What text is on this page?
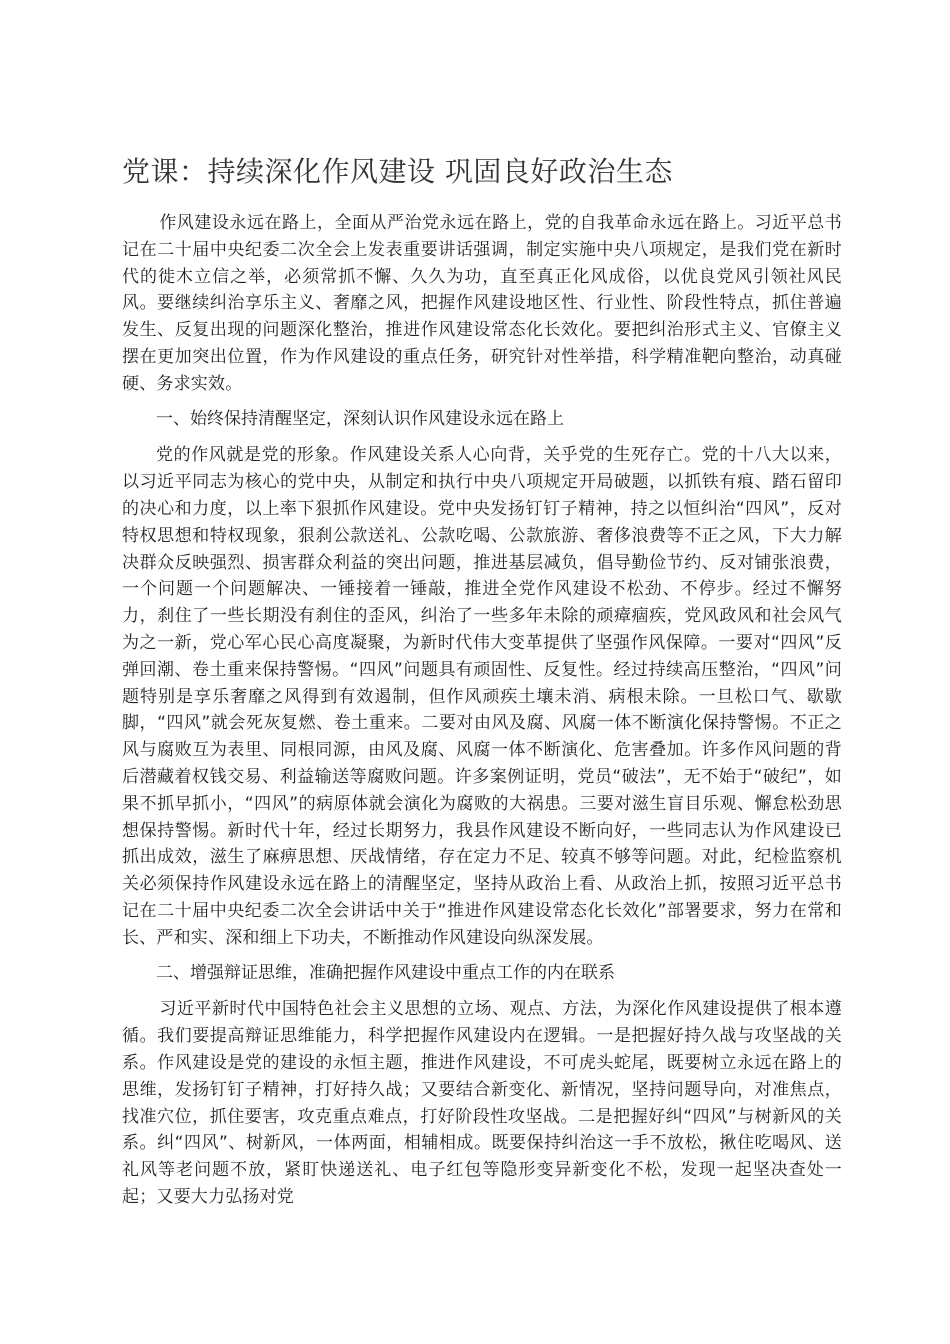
党课：持续深化作风建设 巩固良好政治生态

作风建设永远在路上，全面从严治党永远在路上，党的自我革命永远在路上。习近平总书记在二十届中央纪委二次全会上发表重要讲话强调，制定实施中央八项规定，是我们党在新时代的徙木立信之举，必须常抓不懈、久久为功，直至真正化风成俗，以优良党风引领社风民风。要继续纠治享乐主义、奢靡之风，把握作风建设地区性、行业性、阶段性特点，抓住普遍发生、反复出现的问题深化整治，推进作风建设常态化长效化。要把纠治形式主义、官僚主义摆在更加突出位置，作为作风建设的重点任务，研究针对性举措，科学精准靶向整治，动真碰硬、务求实效。

一、始终保持清醒坚定，深刻认识作风建设永远在路上

党的作风就是党的形象。作风建设关系人心向背，关乎党的生死存亡。党的十八大以来，以习近平同志为核心的党中央，从制定和执行中央八项规定开局破题，以抓铁有痕、踏石留印的决心和力度，以上率下狠抓作风建设。党中央发扬钉钉子精神，持之以恒纠治“四风”，反对特权思想和特权现象，狠刹公款送礼、公款吃喝、公款旅游、奢侈浪费等不正之风，下大力解决群众反映强烈、损害群众利益的突出问题，推进基层减负，倡导勤俭节约、反对铺张浪费，一个问题一个问题解决、一锤接着一锤敲，推进全党作风建设不松劲、不停步。经过不懈努力，刹住了一些长期没有刹住的歪风，纠治了一些多年未除的顽瘴痼疾，党风政风和社会风气为之一新，党心军心民心高度凝聚，为新时代伟大变革提供了坚强作风保障。一要对“四风”反弹回潮、卷土重来保持警惕。“四风”问题具有顽固性、反复性。经过持续高压整治，“四风”问题特别是享乐奢靡之风得到有效遏制，但作风顽疾土壤未消、病根未除。一旦松口气、歇歇脚，“四风”就会死灰复燃、卷土重来。二要对由风及腐、风腐一体不断演化保持警惕。不正之风与腐败互为表里、同根同源，由风及腐、风腐一体不断演化、危害叠加。许多作风问题的背后潜藏着权钱交易、利益输送等腐败问题。许多案例证明，党员“破法”，无不始于“破纪”，如果不抓早抓小，“四风”的病原体就会演化为腐败的大祸患。三要对滋生盲目乐观、懈怠松劲思想保持警惕。新时代十年，经过长期努力，我县作风建设不断向好，一些同志认为作风建设已抓出成效，滋生了麻痹思想、厌战情绪，存在定力不足、较真不够等问题。对此，纪检监察机关必须保持作风建设永远在路上的清醒坚定，坚持从政治上看、从政治上抓，按照习近平总书记在二十届中央纪委二次全会讲话中关于“推进作风建设常态化长效化”部署要求，努力在常和长、严和实、深和细上下功夫，不断推动作风建设向纵深发展。

二、增强辩证思维，准确把握作风建设中重点工作的内在联系

习近平新时代中国特色社会主义思想的立场、观点、方法，为深化作风建设提供了根本遵循。我们要提高辩证思维能力，科学把握作风建设内在逻辑。一是把握好持久战与攻坚战的关系。作风建设是党的建设的永恒主题，推进作风建设，不可虎头蛇尾，既要树立永远在路上的思维，发扬钉钉子精神，打好持久战；又要结合新变化、新情况，坚持问题导向，对准焦点，找准穴位，抓住要害，攻克重点难点，打好阶段性攻坚战。二是把握好纠“四风”与树新风的关系。纠“四风”、树新风，一体两面，相辅相成。既要保持纠治这一手不放松，揪住吃喝风、送礼风等老问题不放，紧盯快递送礼、电子红包等隐形变异新变化不松，发现一起坚决查处一起；又要大力弘扬对党
